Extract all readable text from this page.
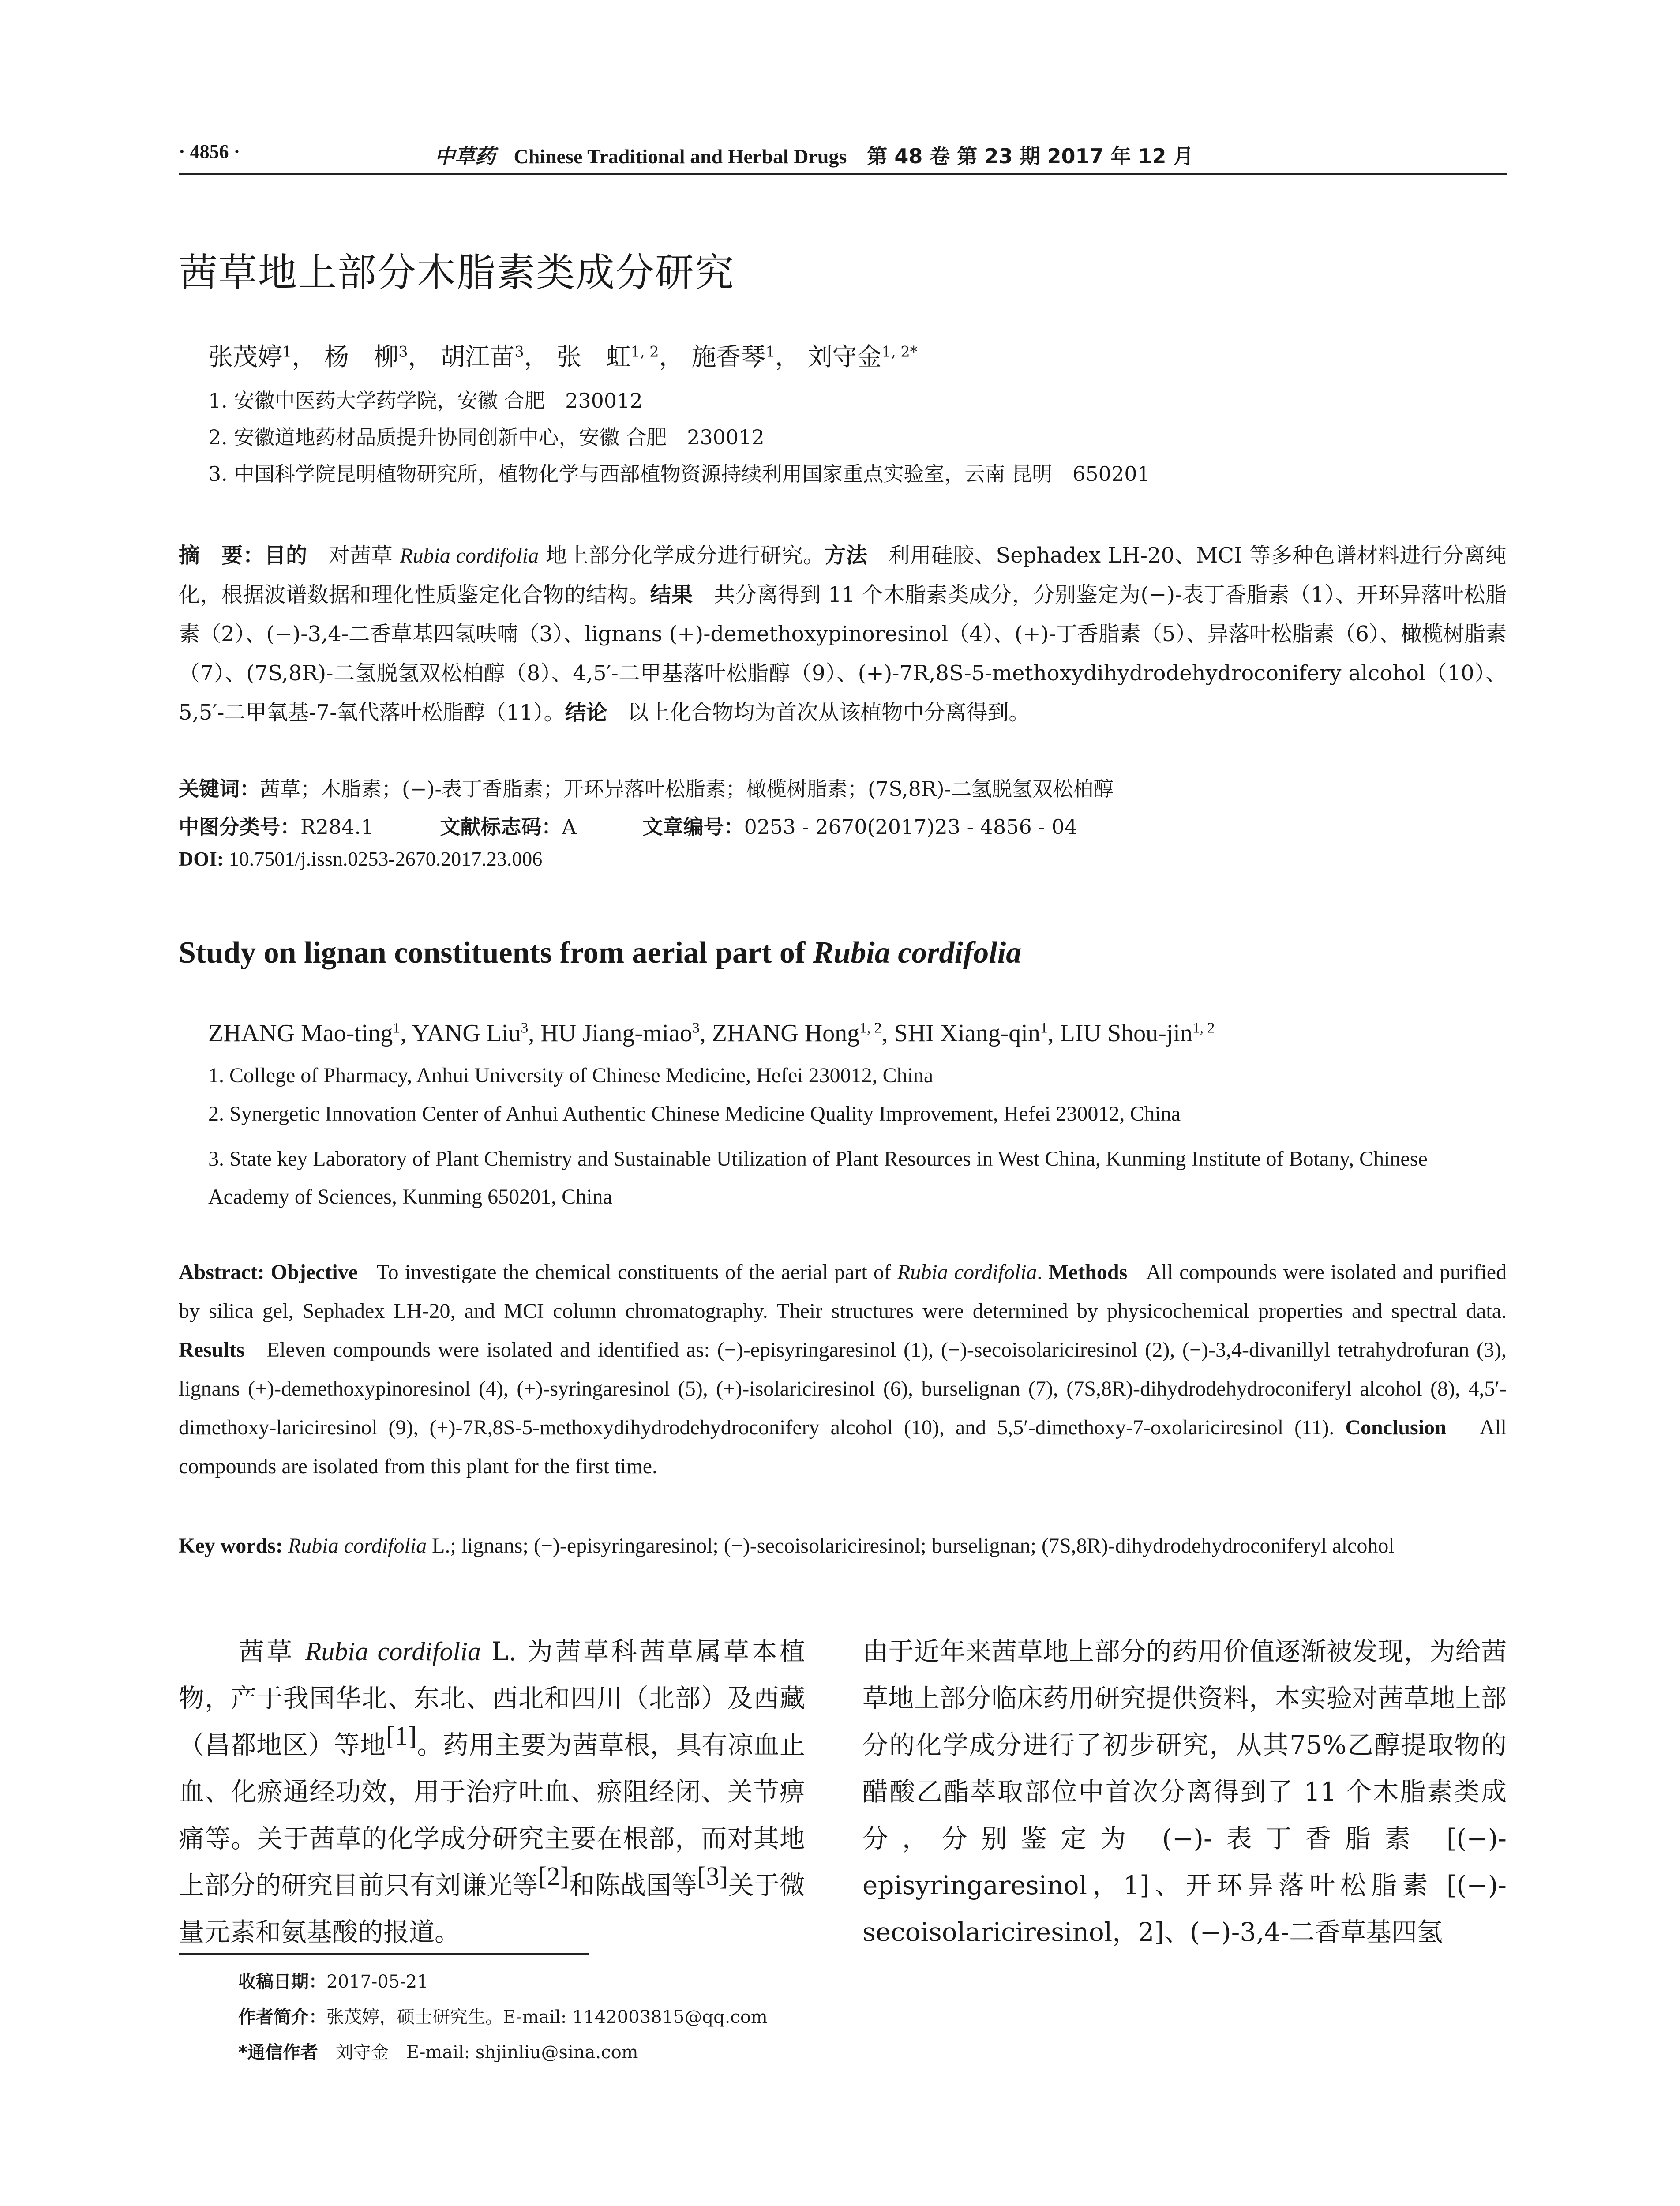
· 4856 ·	中草药 Chinese Traditional and Herbal Drugs 第 48 卷 第 23 期 2017 年 12 月
茜草地上部分木脂素类成分研究
张茂婷$^1$， 杨　柳$^3$， 胡江苗$^3$， 张　虹$^{1, 2}$， 施香琴$^1$， 刘守金$^{1, 2*}$
1. 安徽中医药大学药学院，安徽 合肥　230012
2. 安徽道地药材品质提升协同创新中心，安徽 合肥　230012
3. 中国科学院昆明植物研究所，植物化学与西部植物资源持续利用国家重点实验室，云南 昆明　650201
摘　要：目的 对茜草 Rubia cordifolia 地上部分化学成分进行研究。方法 利用硅胶、Sephadex LH-20、MCI 等多种色谱材料进行分离纯化，根据波谱数据和理化性质鉴定化合物的结构。结果 共分离得到 11 个木脂素类成分，分别鉴定为(−)-表丁香脂素（1）、开环异落叶松脂素（2）、(−)-3,4-二香草基四氢呋喃（3）、lignans (+)-demethoxypinoresinol（4）、(+)-丁香脂素（5）、异落叶松脂素（6）、橄榄树脂素（7）、(7S,8R)-二氢脱氢双松柏醇（8）、4,5′-二甲基落叶松脂醇（9）、(+)-7R,8S-5-methoxydihydrodehydroconifery alcohol（10）、5,5′-二甲氧基-7-氧代落叶松脂醇（11）。结论 以上化合物均为首次从该植物中分离得到。
关键词：茜草；木脂素；(−)-表丁香脂素；开环异落叶松脂素；橄榄树脂素；(7S,8R)-二氢脱氢双松柏醇
中图分类号：R284.1	文献标志码：A	文章编号：0253 - 2670(2017)23 - 4856 - 04
DOI: 10.7501/j.issn.0253-2670.2017.23.006
Study on lignan constituents from aerial part of Rubia cordifolia
ZHANG Mao-ting$^1$, YANG Liu$^3$, HU Jiang-miao$^3$, ZHANG Hong$^{1, 2}$, SHI Xiang-qin$^1$, LIU Shou-jin$^{1, 2}$
1. College of Pharmacy, Anhui University of Chinese Medicine, Hefei 230012, China
2. Synergetic Innovation Center of Anhui Authentic Chinese Medicine Quality Improvement, Hefei 230012, China
3. State key Laboratory of Plant Chemistry and Sustainable Utilization of Plant Resources in West China, Kunming Institute of Botany, Chinese Academy of Sciences, Kunming 650201, China
Abstract: Objective To investigate the chemical constituents of the aerial part of Rubia cordifolia. Methods All compounds were isolated and purified by silica gel, Sephadex LH-20, and MCI column chromatography. Their structures were determined by physicochemical properties and spectral data. Results Eleven compounds were isolated and identified as: (−)-episyringaresinol (1), (−)-secoisolariciresinol (2), (−)-3,4-divanillyl tetrahydrofuran (3), lignans (+)-demethoxypinoresinol (4), (+)-syringaresinol (5), (+)-isolariciresinol (6), burselignan (7), (7S,8R)-dihydrodehydroconiferyl alcohol (8), 4,5′-dimethoxy-lariciresinol (9), (+)-7R,8S-5-methoxydihydrodehydroconifery alcohol (10), and 5,5′-dimethoxy-7-oxolariciresinol (11). Conclusion All compounds are isolated from this plant for the first time.
Key words: Rubia cordifolia L.; lignans; (−)-episyringaresinol; (−)-secoisolariciresinol; burselignan; (7S,8R)-dihydrodehydroconiferyl alcohol
茜草 Rubia cordifolia L. 为茜草科茜草属草本植物，产于我国华北、东北、西北和四川（北部）及西藏（昌都地区）等地[1]。药用主要为茜草根，具有凉血止血、化瘀通经功效，用于治疗吐血、瘀阻经闭、关节痹痛等。关于茜草的化学成分研究主要在根部，而对其地上部分的研究目前只有刘谦光等[2]和陈战国等[3]关于微量元素和氨基酸的报道。
由于近年来茜草地上部分的药用价值逐渐被发现，为给茜草地上部分临床药用研究提供资料，本实验对茜草地上部分的化学成分进行了初步研究，从其75%乙醇提取物的醋酸乙酯萃取部位中首次分离得到了 11 个木脂素类成分，分别鉴定为 (−)-表丁香脂素 [(−)-episyringaresinol，1]、开环异落叶松脂素 [(−)-secoisolariciresinol，2]、(−)-3,4-二香草基四氢
收稿日期：2017-05-21
作者简介：张茂婷，硕士研究生。E-mail: 1142003815@qq.com
*通信作者　刘守金　E-mail: shjinliu@sina.com
